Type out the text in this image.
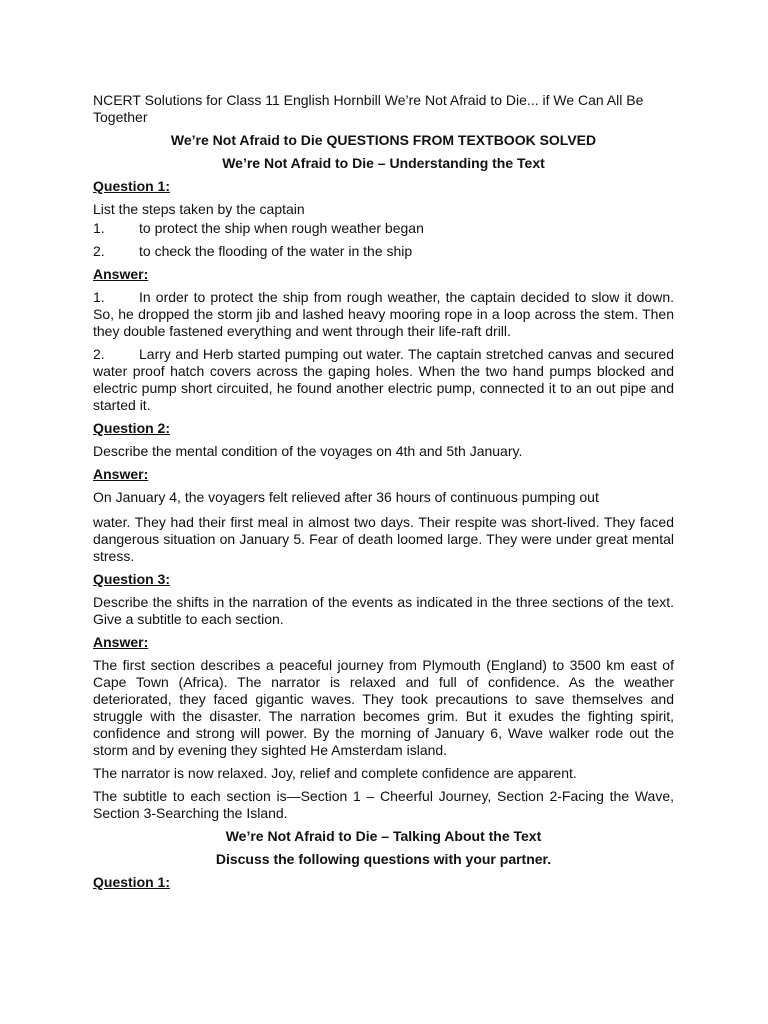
NCERT Solutions for Class 11 English Hornbill We’re Not Afraid to Die... if We Can All Be Together

We’re Not Afraid to Die QUESTIONS FROM TEXTBOOK SOLVED

We’re Not Afraid to Die – Understanding the Text

Question 1:

List the steps taken by the captain

1.	to protect the ship when rough weather began
2.	to check the flooding of the water in the ship

Answer:

1. In order to protect the ship from rough weather, the captain decided to slow it down. So, he dropped the storm jib and lashed heavy mooring rope in a loop across the stem. Then they double fastened everything and went through their life-raft drill.

2. Larry and Herb started pumping out water. The captain stretched canvas and secured water proof hatch covers across the gaping holes. When the two hand pumps blocked and electric pump short circuited, he found another electric pump, connected it to an out pipe and started it.

Question 2:

Describe the mental condition of the voyages on 4th and 5th January.

Answer:

On January 4, the voyagers felt relieved after 36 hours of continuous pumping out

water. They had their first meal in almost two days. Their respite was short-lived. They faced dangerous situation on January 5. Fear of death loomed large. They were under great mental stress.

Question 3:

Describe the shifts in the narration of the events as indicated in the three sections of the text. Give a subtitle to each section.

Answer:

The first section describes a peaceful journey from Plymouth (England) to 3500 km east of Cape Town (Africa). The narrator is relaxed and full of confidence. As the weather deteriorated, they faced gigantic waves. They took precautions to save themselves and struggle with the disaster. The narration becomes grim. But it exudes the fighting spirit, confidence and strong will power. By the morning of January 6, Wave walker rode out the storm and by evening they sighted He Amsterdam island.

The narrator is now relaxed. Joy, relief and complete confidence are apparent.

The subtitle to each section is—Section 1 – Cheerful Journey, Section 2-Facing the Wave, Section 3-Searching the Island.

We’re Not Afraid to Die – Talking About the Text

Discuss the following questions with your partner.

Question 1:
